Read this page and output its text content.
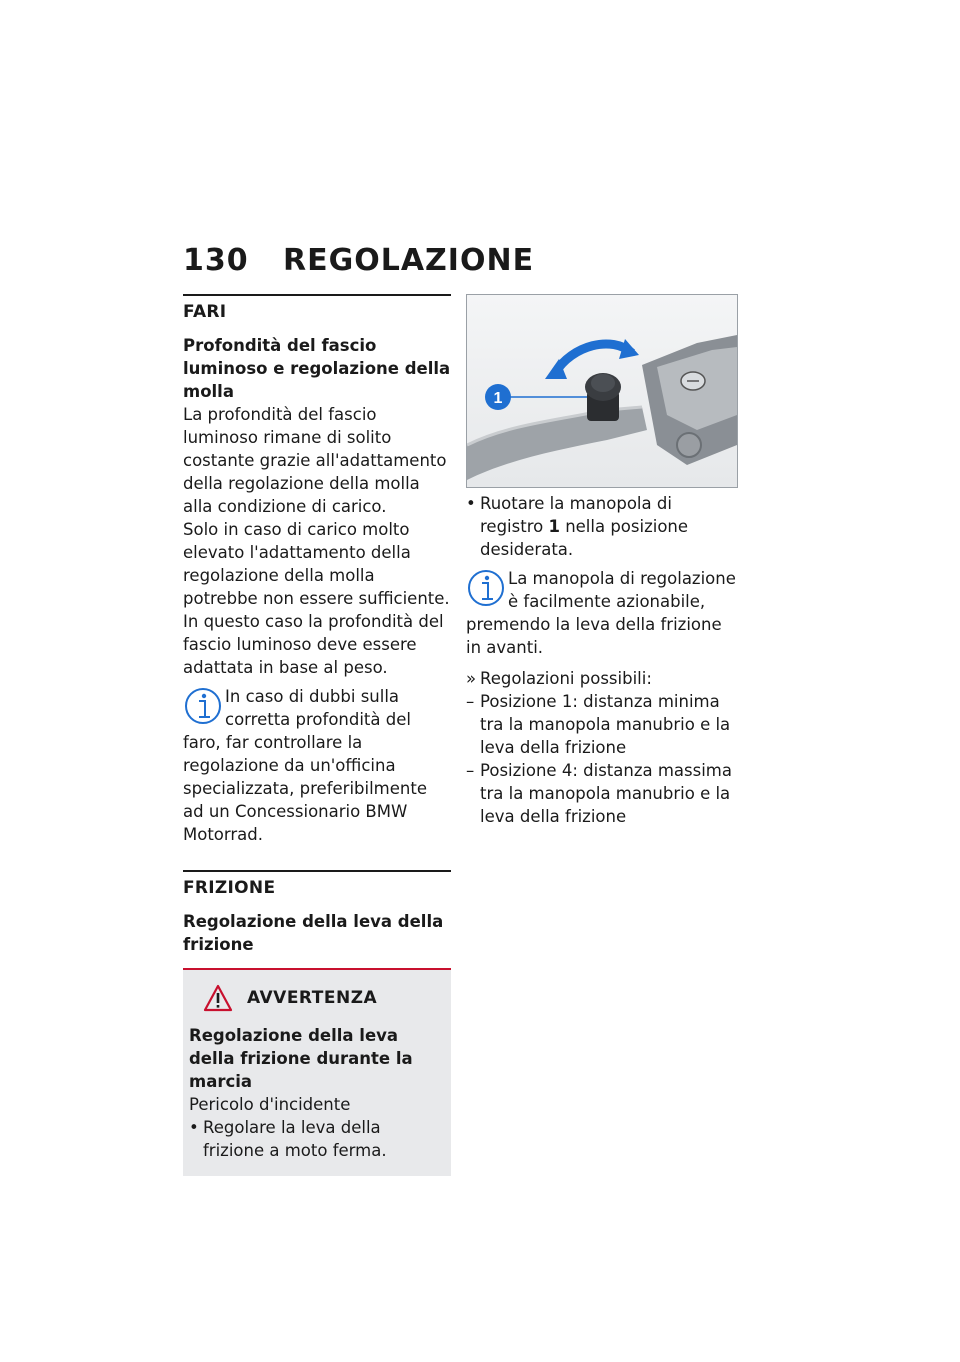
130 REGOLAZIONE
FARI
Profondità del fascio luminoso e regolazione della molla
La profondità del fascio luminoso rimane di solito costante grazie all'adattamento della regolazione della molla alla condizione di carico.
Solo in caso di carico molto elevato l'adattamento della regolazione della molla potrebbe non essere sufficiente.
In questo caso la profondità del fascio luminoso deve essere adattata in base al peso.
In caso di dubbi sulla corretta profondità del faro, far controllare la regolazione da un'officina specializzata, preferibilmente ad un Concessionario BMW Motorrad.
FRIZIONE
Regolazione della leva della frizione
AVVERTENZA
Regolazione della leva della frizione durante la marcia
Pericolo d'incidente
• Regolare la leva della frizione a moto ferma.
1
• Ruotare la manopola di registro 1 nella posizione desiderata.
La manopola di regolazione è facilmente azionabile, premendo la leva della frizione in avanti.
» Regolazioni possibili:
– Posizione 1: distanza minima tra la manopola manubrio e la leva della frizione
– Posizione 4: distanza massima tra la manopola manubrio e la leva della frizione
